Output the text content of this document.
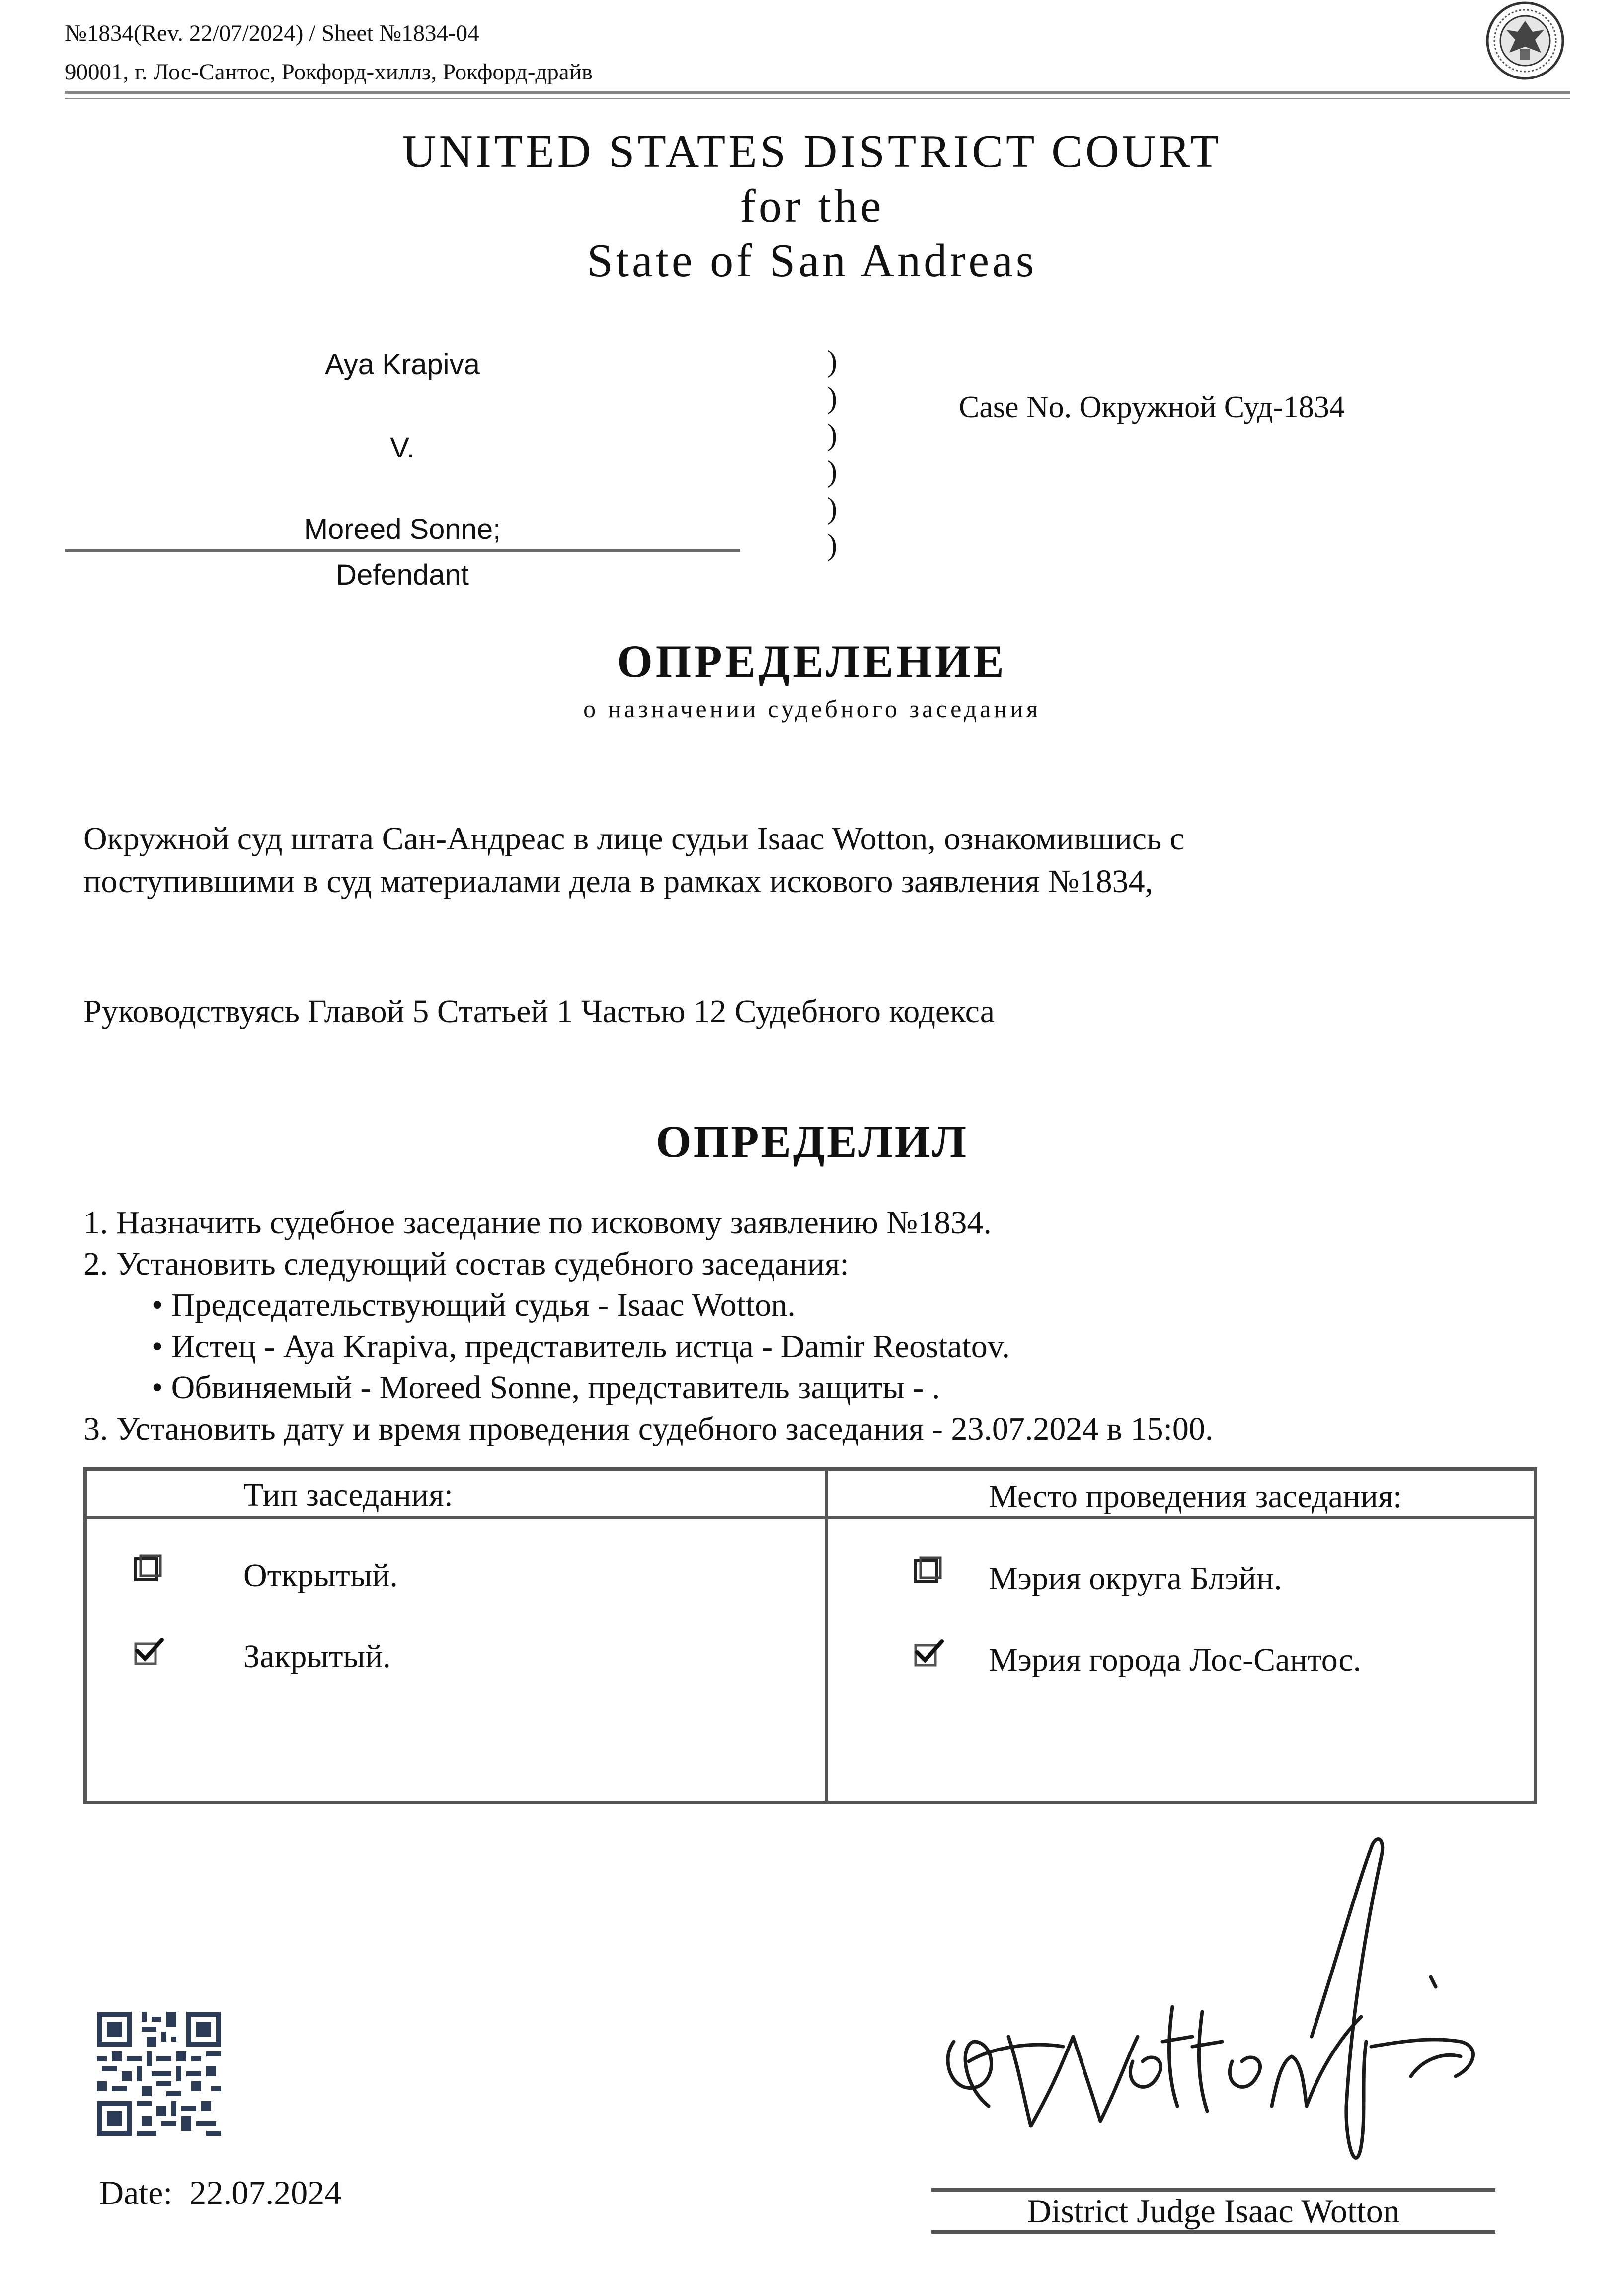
№1834(Rev. 22/07/2024) / Sheet №1834-04
90001, г. Лос-Сантос, Рокфорд-хиллз, Рокфорд-драйв
UNITED STATES DISTRICT COURT
for the
State of San Andreas
Aya Krapiva
V.
Moreed Sonne;
Defendant
)
)
)
)
)
)
Case No. Окружной Суд-1834
ОПРЕДЕЛЕНИЕ
о назначении судебного заседания
Окружной суд штата Сан-Андреас в лице судьи Isaac Wotton, ознакомившись с
поступившими в суд материалами дела в рамках искового заявления №1834,
Руководствуясь Главой 5 Статьей 1 Частью 12 Судебного кодекса
ОПРЕДЕЛИЛ
1. Назначить судебное заседание по исковому заявлению №1834.
2. Установить следующий состав судебного заседания:
• Председательствующий судья - Isaac Wotton.
• Истец - Aya Krapiva, представитель истца - Damir Reostatov.
• Обвиняемый - Moreed Sonne, представитель защиты - .
3. Установить дату и время проведения судебного заседания - 23.07.2024 в 15:00.
Тип заседания:	Место проведения заседания:
Открытый.
Закрытый.
Мэрия округа Блэйн.
Мэрия города Лос-Сантос.
Date: 22.07.2024	District Judge Isaac Wotton
